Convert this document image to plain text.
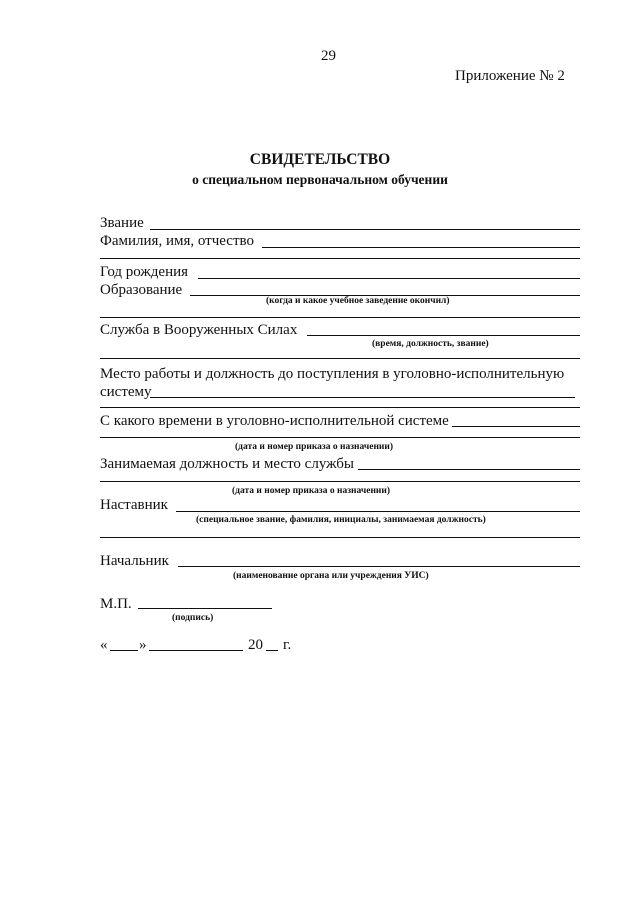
29
Приложение № 2
СВИДЕТЕЛЬСТВО
о специальном первоначальном обучении
Звание
Фамилия, имя, отчество
Год рождения
Образование
(когда и какое учебное заведение окончил)
Служба в Вооруженных Силах
(время, должность, звание)
Место работы и должность до поступления в уголовно-исполнительную
систему
С какого времени в уголовно-исполнительной системе
(дата и номер приказа о назначении)
Занимаемая должность и место службы
(дата и номер приказа о назначении)
Наставник
(специальное звание, фамилия, инициалы, занимаемая должность)
Начальник
(наименование органа или учреждения УИС)
М.П.
(подпись)
« »	20 г.
